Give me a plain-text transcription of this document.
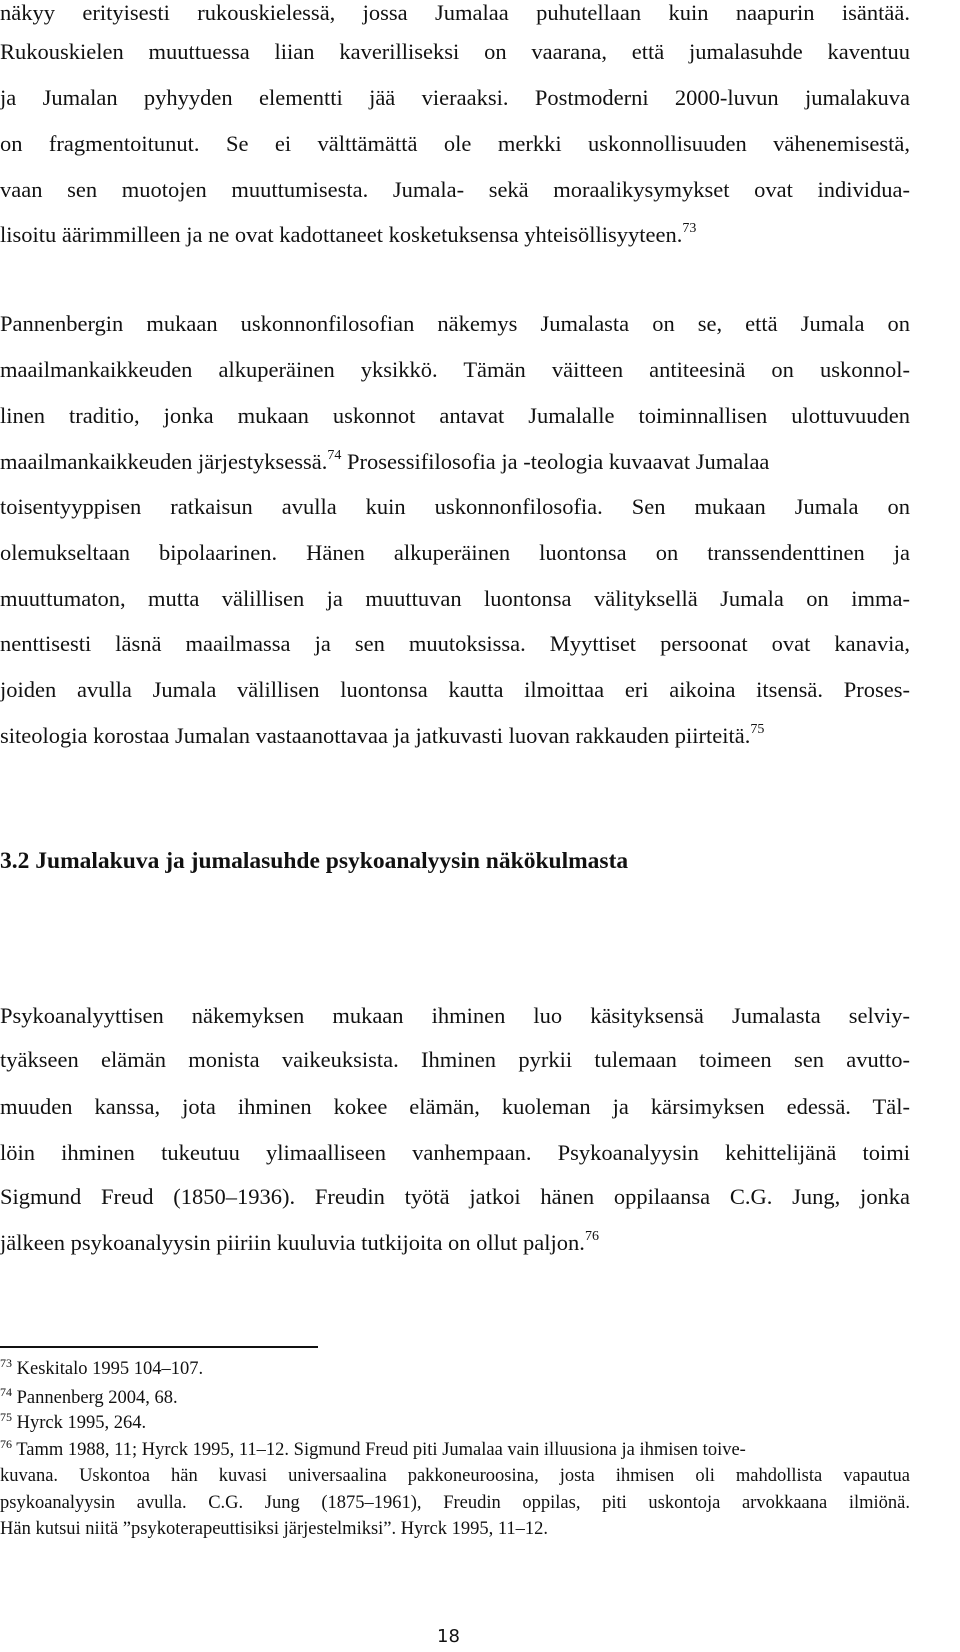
näkyy erityisesti rukouskielessä, jossa Jumalaa puhutellaan kuin naapurin isäntää.
Rukouskielen muuttuessa liian kaverilliseksi on vaarana, että jumalasuhde kaventuu
ja Jumalan pyhyyden elementti jää vieraaksi. Postmoderni 2000-luvun jumalakuva
on fragmentoitunut. Se ei välttämättä ole merkki uskonnollisuuden vähenemisestä,
vaan sen muotojen muuttumisesta. Jumala- sekä moraalikysymykset ovat individua-
lisoitu äärimmilleen ja ne ovat kadottaneet kosketuksensa yhteisöllisyyteen.$^{73}$
Pannenbergin mukaan uskonnonfilosofian näkemys Jumalasta on se, että Jumala on
maailmankaikkeuden alkuperäinen yksikkö. Tämän väitteen antiteesinä on uskonnol-
linen traditio, jonka mukaan uskonnot antavat Jumalalle toiminnallisen ulottuvuuden
maailmankaikkeuden järjestyksessä.$^{74}$ Prosessifilosofia ja -teologia kuvaavat Jumalaa
toisentyyppisen ratkaisun avulla kuin uskonnonfilosofia. Sen mukaan Jumala on
olemukseltaan bipolaarinen. Hänen alkuperäinen luontonsa on transsendenttinen ja
muuttumaton, mutta välillisen ja muuttuvan luontonsa välityksellä Jumala on imma-
nenttisesti läsnä maailmassa ja sen muutoksissa. Myyttiset persoonat ovat kanavia,
joiden avulla Jumala välillisen luontonsa kautta ilmoittaa eri aikoina itsensä. Proses-
siteologia korostaa Jumalan vastaanottavaa ja jatkuvasti luovan rakkauden piirteitä.$^{75}$
3.2 Jumalakuva ja jumalasuhde psykoanalyysin näkökulmasta
Psykoanalyyttisen näkemyksen mukaan ihminen luo käsityksensä Jumalasta selviy-
tyäkseen elämän monista vaikeuksista. Ihminen pyrkii tulemaan toimeen sen avutto-
muuden kanssa, jota ihminen kokee elämän, kuoleman ja kärsimyksen edessä. Täl-
löin ihminen tukeutuu ylimaalliseen vanhempaan. Psykoanalyysin kehittelijänä toimi
Sigmund Freud (1850–1936). Freudin työtä jatkoi hänen oppilaansa C.G. Jung, jonka
jälkeen psykoanalyysin piiriin kuuluvia tutkijoita on ollut paljon.$^{76}$
$^{73}$ Keskitalo 1995 104–107.
$^{74}$ Pannenberg 2004, 68.
$^{75}$ Hyrck 1995, 264.
$^{76}$ Tamm 1988, 11; Hyrck 1995, 11–12. Sigmund Freud piti Jumalaa vain illuusiona ja ihmisen toive-
kuvana. Uskontoa hän kuvasi universaalina pakkoneuroosina, josta ihmisen oli mahdollista vapautua
psykoanalyysin avulla. C.G. Jung (1875–1961), Freudin oppilas, piti uskontoja arvokkaana ilmiönä.
Hän kutsui niitä ”psykoterapeuttisiksi järjestelmiksi”. Hyrck 1995, 11–12.
18
